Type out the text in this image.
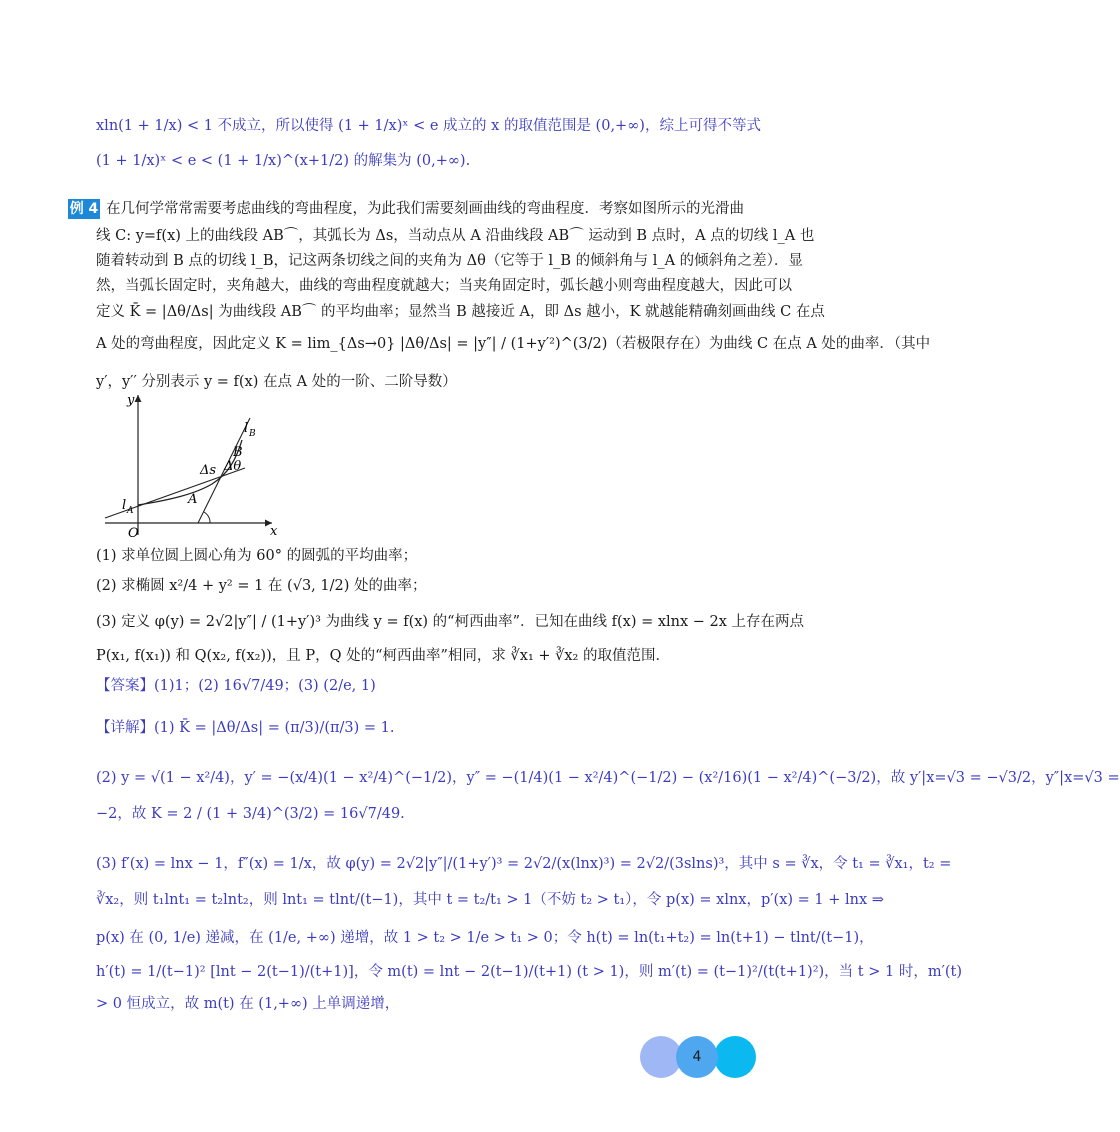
xln(1 + 1/x) < 1 不成立，所以使得 (1 + 1/x)ˣ < e 成立的 x 的取值范围是 (0,+∞)，综上可得不等式
(1 + 1/x)ˣ < e < (1 + 1/x)^(x+1/2) 的解集为 (0,+∞).
例 4 在几何学常常需要考虑曲线的弯曲程度，为此我们需要刻画曲线的弯曲程度．考察如图所示的光滑曲
线 C: y=f(x) 上的曲线段 AB⌒，其弧长为 Δs，当动点从 A 沿曲线段 AB⌒ 运动到 B 点时，A 点的切线 l_A 也
随着转动到 B 点的切线 l_B，记这两条切线之间的夹角为 Δθ（它等于 l_B 的倾斜角与 l_A 的倾斜角之差）．显
然，当弧长固定时，夹角越大，曲线的弯曲程度就越大；当夹角固定时，弧长越小则弯曲程度越大，因此可以
定义 K̄ = |Δθ/Δs| 为曲线段 AB⌒ 的平均曲率；显然当 B 越接近 A，即 Δs 越小，K 就越能精确刻画曲线 C 在点
A 处的弯曲程度，因此定义 K = lim_{Δs→0} |Δθ/Δs| = |y″| / (1+y′²)^(3/2)（若极限存在）为曲线 C 在点 A 处的曲率．（其中
y′，y′′ 分别表示 y = f(x) 在点 A 处的一阶、二阶导数）
y
x
O
l B
B
Δs Δθ
A
l A
(1) 求单位圆上圆心角为 60° 的圆弧的平均曲率；
(2) 求椭圆 x²/4 + y² = 1 在 (√3, 1/2) 处的曲率；
(3) 定义 φ(y) = 2√2|y″| / (1+y′)³ 为曲线 y = f(x) 的“柯西曲率”．已知在曲线 f(x) = xlnx − 2x 上存在两点
P(x₁, f(x₁)) 和 Q(x₂, f(x₂))，且 P，Q 处的“柯西曲率”相同，求 ∛x₁ + ∛x₂ 的取值范围．
【答案】(1)1；(2) 16√7/49；(3) (2/e, 1)
【详解】(1) K̄ = |Δθ/Δs| = (π/3)/(π/3) = 1.
(2) y = √(1 − x²/4)，y′ = −(x/4)(1 − x²/4)^(−1/2)，y″ = −(1/4)(1 − x²/4)^(−1/2) − (x²/16)(1 − x²/4)^(−3/2)，故 y′|x=√3 = −√3/2，y″|x=√3 =
−2，故 K = 2 / (1 + 3/4)^(3/2) = 16√7/49.
(3) f′(x) = lnx − 1，f″(x) = 1/x，故 φ(y) = 2√2|y″|/(1+y′)³ = 2√2/(x(lnx)³) = 2√2/(3slns)³，其中 s = ∛x，令 t₁ = ∛x₁，t₂ =
∛x₂，则 t₁lnt₁ = t₂lnt₂，则 lnt₁ = tlnt/(t−1)，其中 t = t₂/t₁ > 1（不妨 t₂ > t₁），令 p(x) = xlnx，p′(x) = 1 + lnx ⇒
p(x) 在 (0, 1/e) 递减，在 (1/e, +∞) 递增，故 1 > t₂ > 1/e > t₁ > 0；令 h(t) = ln(t₁+t₂) = ln(t+1) − tlnt/(t−1)，
h′(t) = 1/(t−1)² [lnt − 2(t−1)/(t+1)]，令 m(t) = lnt − 2(t−1)/(t+1) (t > 1)，则 m′(t) = (t−1)²/(t(t+1)²)，当 t > 1 时，m′(t)
> 0 恒成立，故 m(t) 在 (1,+∞) 上单调递增，
4
